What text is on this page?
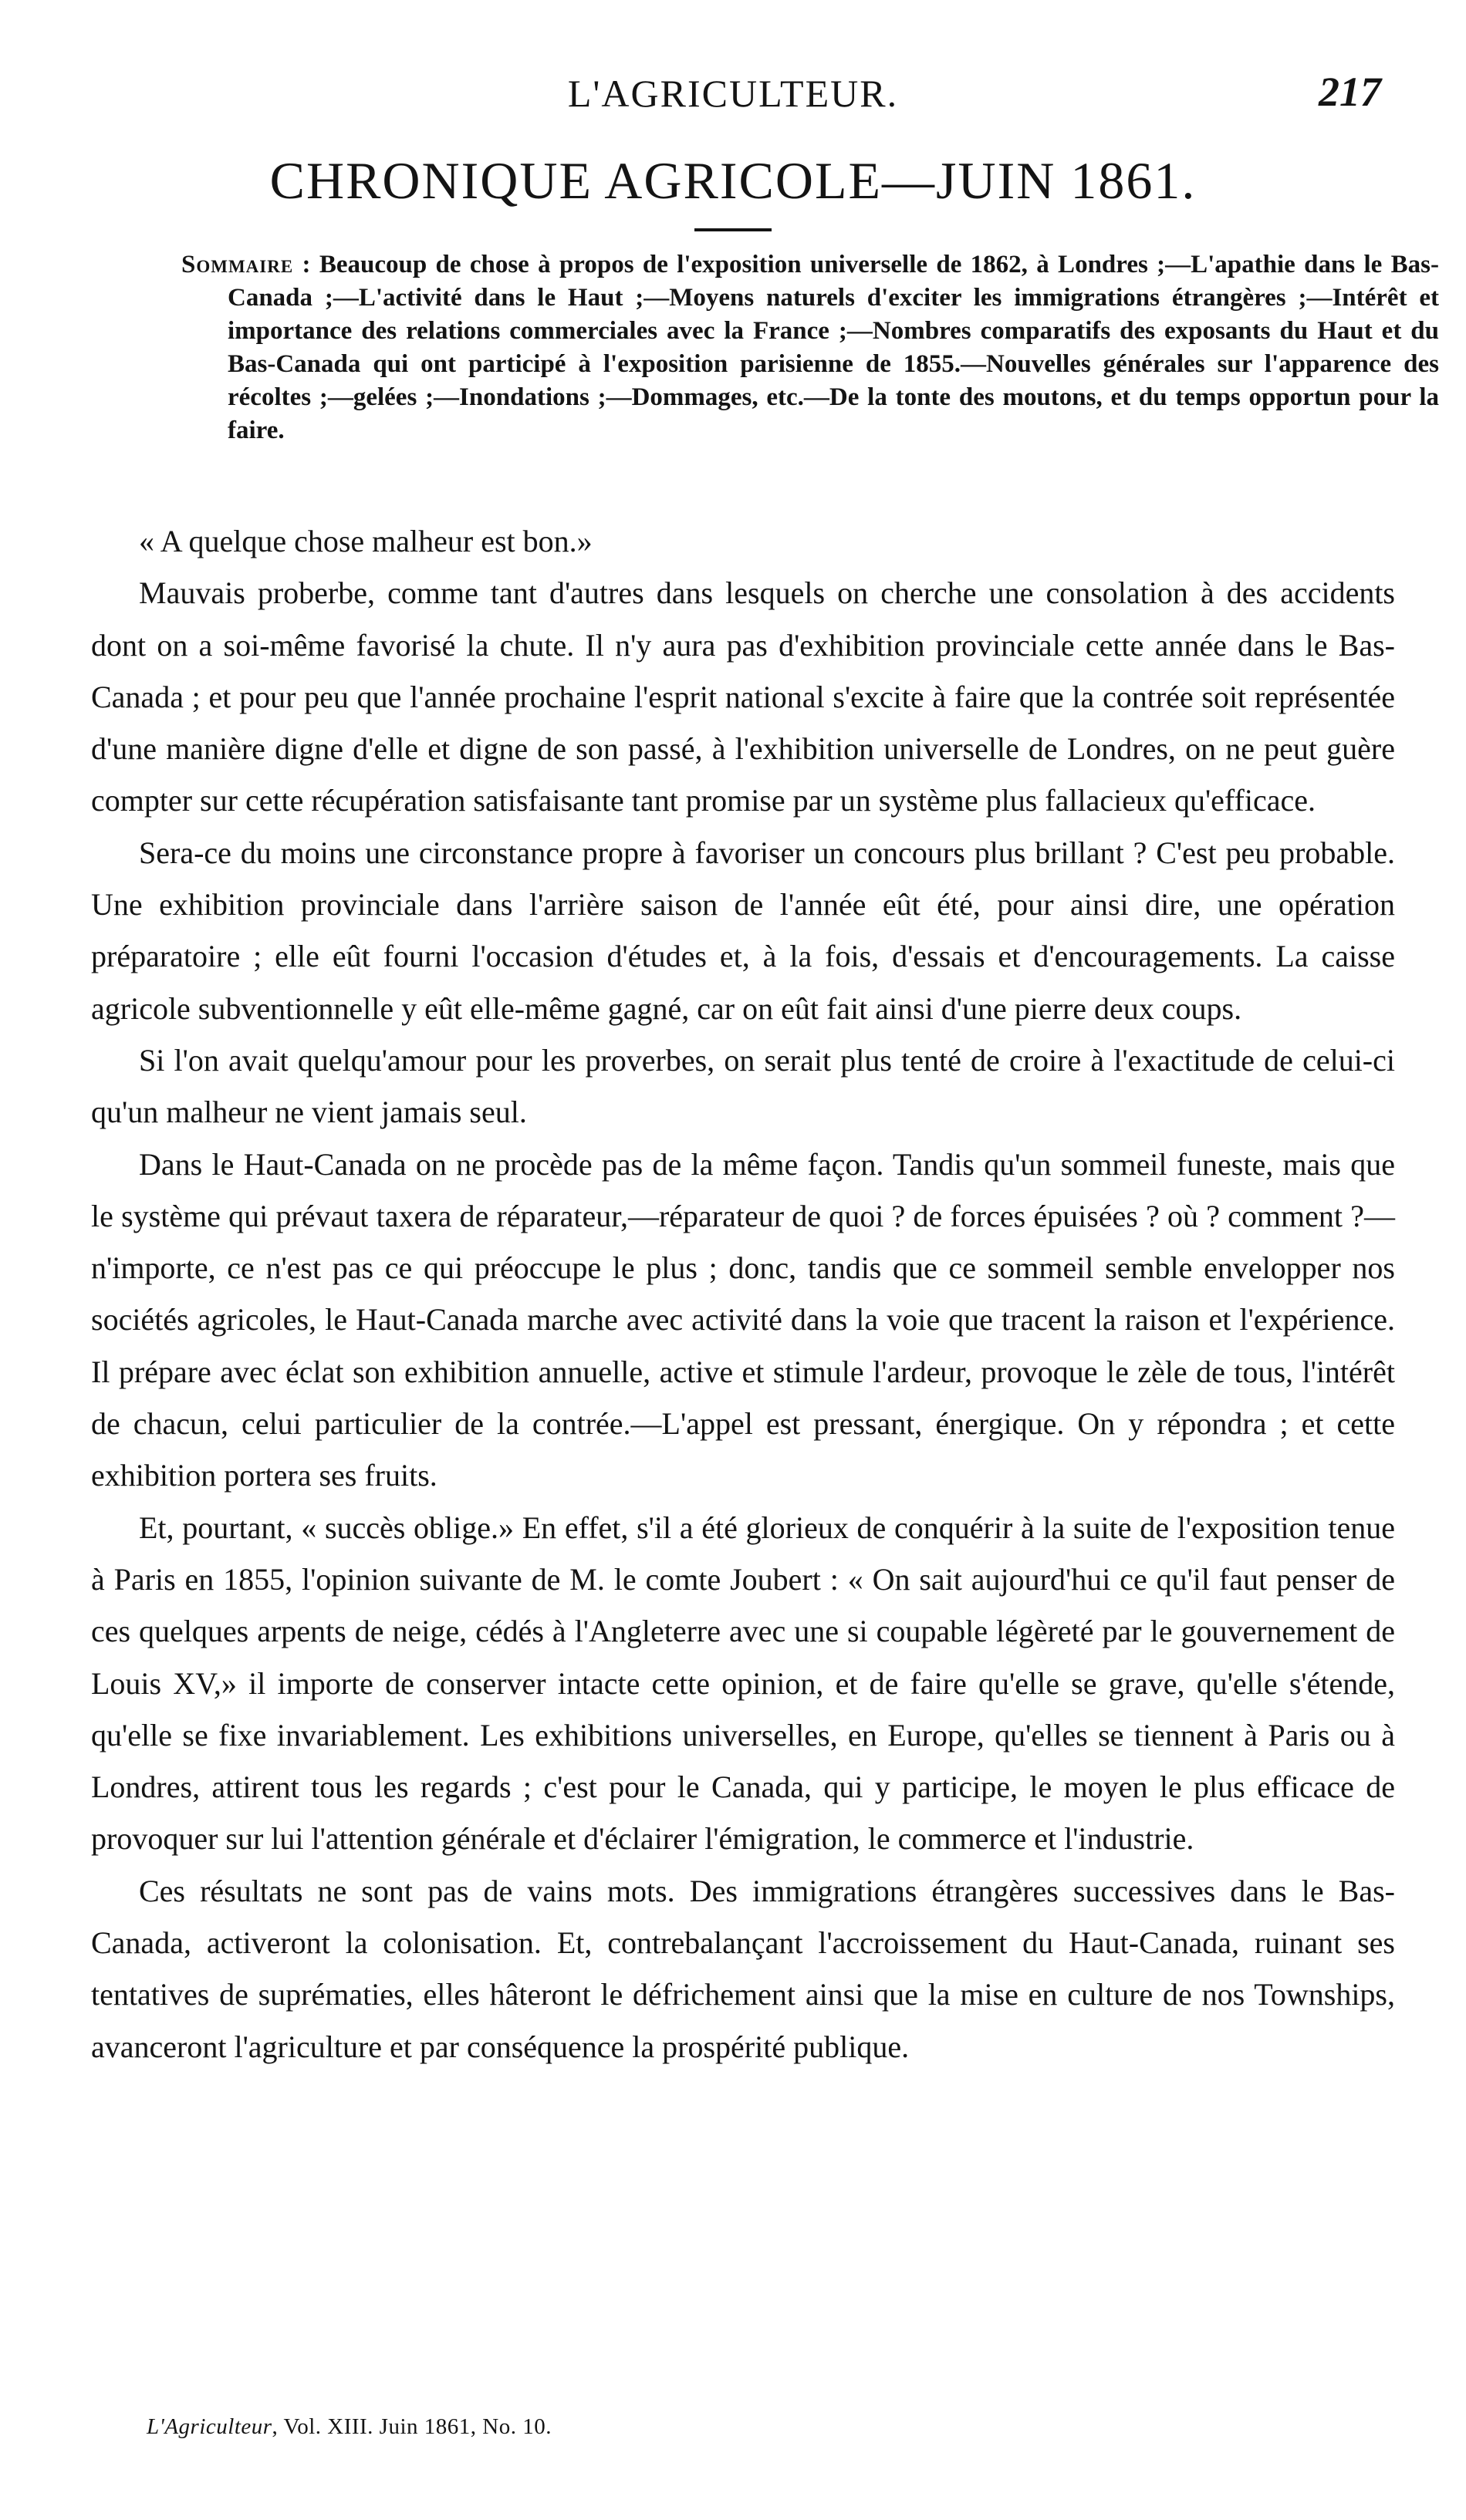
L'AGRICULTEUR.	217
CHRONIQUE AGRICOLE—JUIN 1861.
Sommaire : Beaucoup de chose à propos de l'exposition universelle de 1862, à Londres ;—L'apathie dans le Bas-Canada ;—L'activité dans le Haut ;—Moyens naturels d'exciter les immigrations étrangères ;—Intérêt et importance des relations commerciales avec la France ;—Nombres comparatifs des exposants du Haut et du Bas-Canada qui ont participé à l'exposition parisienne de 1855.—Nouvelles générales sur l'apparence des récoltes ;—gelées ;—Inondations ;—Dommages, etc.—De la tonte des moutons, et du temps opportun pour la faire.

« A quelque chose malheur est bon.»

Mauvais proberbe, comme tant d'autres dans lesquels on cherche une consolation à des accidents dont on a soi-même favorisé la chute. Il n'y aura pas d'exhibition provinciale cette année dans le Bas-Canada ; et pour peu que l'année prochaine l'esprit national s'excite à faire que la contrée soit représentée d'une manière digne d'elle et digne de son passé, à l'exhibition universelle de Londres, on ne peut guère compter sur cette récupération satisfaisante tant promise par un système plus fallacieux qu'efficace.

Sera-ce du moins une circonstance propre à favoriser un concours plus brillant ? C'est peu probable. Une exhibition provinciale dans l'arrière saison de l'année eût été, pour ainsi dire, une opération préparatoire ; elle eût fourni l'occasion d'études et, à la fois, d'essais et d'encouragements. La caisse agricole subventionnelle y eût elle-même gagné, car on eût fait ainsi d'une pierre deux coups.

Si l'on avait quelqu'amour pour les proverbes, on serait plus tenté de croire à l'exactitude de celui-ci qu'un malheur ne vient jamais seul.

Dans le Haut-Canada on ne procède pas de la même façon. Tandis qu'un sommeil funeste, mais que le système qui prévaut taxera de réparateur,—réparateur de quoi ? de forces épuisées ? où ? comment ?—n'importe, ce n'est pas ce qui préoccupe le plus ; donc, tandis que ce sommeil semble envelopper nos sociétés agricoles, le Haut-Canada marche avec activité dans la voie que tracent la raison et l'expérience. Il prépare avec éclat son exhibition annuelle, active et stimule l'ardeur, provoque le zèle de tous, l'intérêt de chacun, celui particulier de la contrée.—L'appel est pressant, énergique. On y répondra ; et cette exhibition portera ses fruits.

Et, pourtant, « succès oblige.» En effet, s'il a été glorieux de conquérir à la suite de l'exposition tenue à Paris en 1855, l'opinion suivante de M. le comte Joubert : « On sait aujourd'hui ce qu'il faut penser de ces quelques arpents de neige, cédés à l'Angleterre avec une si coupable légèreté par le gouvernement de Louis XV,» il importe de conserver intacte cette opinion, et de faire qu'elle se grave, qu'elle s'étende, qu'elle se fixe invariablement. Les exhibitions universelles, en Europe, qu'elles se tiennent à Paris ou à Londres, attirent tous les regards ; c'est pour le Canada, qui y participe, le moyen le plus efficace de provoquer sur lui l'attention générale et d'éclairer l'émigration, le commerce et l'industrie.

Ces résultats ne sont pas de vains mots. Des immigrations étrangères successives dans le Bas-Canada, activeront la colonisation. Et, contrebalançant l'accroissement du Haut-Canada, ruinant ses tentatives de suprématies, elles hâteront le défrichement ainsi que la mise en culture de nos Townships, avanceront l'agriculture et par conséquence la prospérité publique.

L'Agriculteur, Vol. XIII. Juin 1861, No. 10.
